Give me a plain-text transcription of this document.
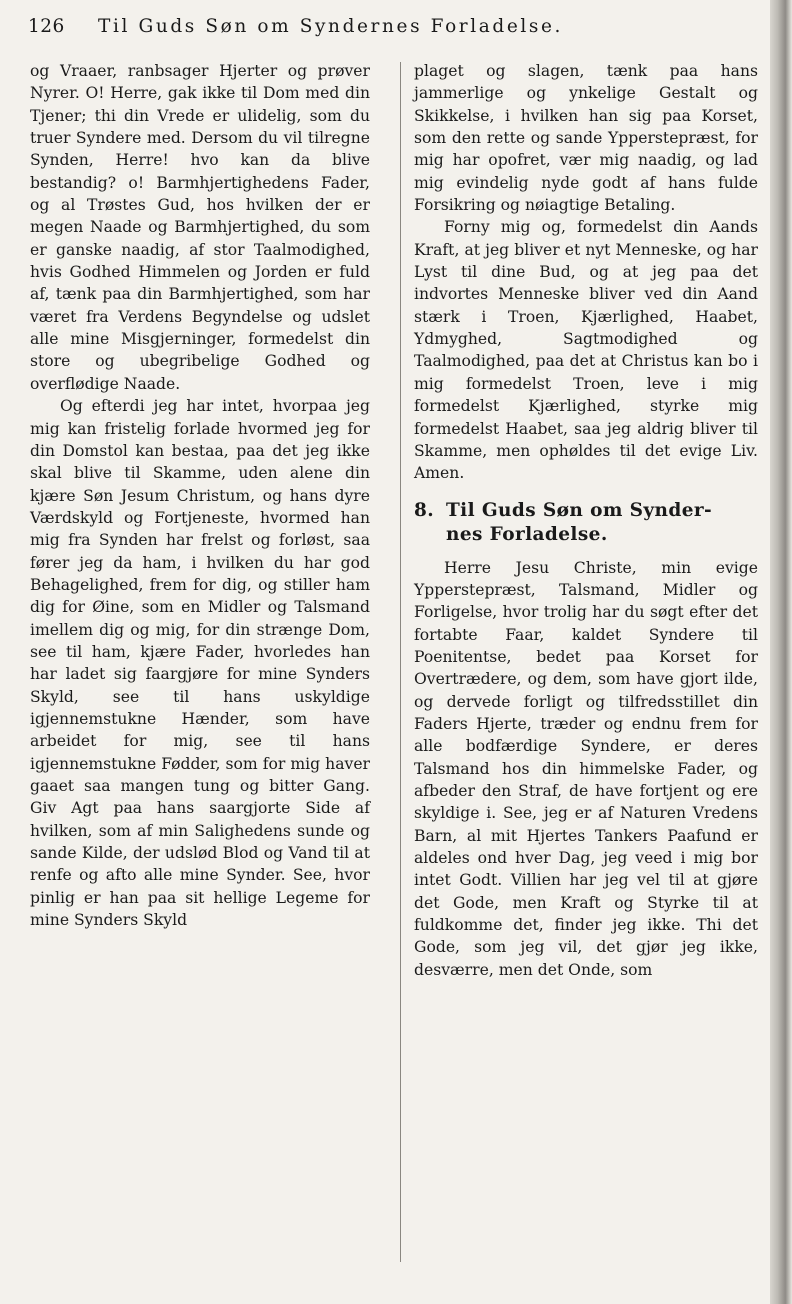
126 Til Guds Søn om Syndernes Forladelse.

og Vraaer, ranbsager Hjerter og prøver Nyrer. O! Herre, gak ikke til Dom med din Tjener; thi din Vrede er ulidelig, som du truer Syndere med. Dersom du vil tilregne Synden, Herre! hvo kan da blive bestandig? o! Barmhjertighedens Fader, og al Trøstes Gud, hos hvilken der er megen Naade og Barmhjertighed, du som er ganske naadig, af stor Taalmodighed, hvis Godhed Himmelen og Jorden er fuld af, tænk paa din Barmhjertighed, som har været fra Verdens Begyndelse og udslet alle mine Misgjerninger, formedelst din store og ubegribelige Godhed og overflødige Naade.

Og efterdi jeg har intet, hvorpaa jeg mig kan fristelig forlade hvormed jeg for din Domstol kan bestaa, paa det jeg ikke skal blive til Skamme, uden alene din kjære Søn Jesum Christum, og hans dyre Værdskyld og Fortjeneste, hvormed han mig fra Synden har frelst og forløst, saa fører jeg da ham, i hvilken du har god Behagelighed, frem for dig, og stiller ham dig for Øine, som en Midler og Talsmand imellem dig og mig, for din strænge Dom, see til ham, kjære Fader, hvorledes han har ladet sig faargjøre for mine Synders Skyld, see til hans uskyldige igjennemstukne Hænder, som have arbeidet for mig, see til hans igjennemstukne Fødder, som for mig haver gaaet saa mangen tung og bitter Gang. Giv Agt paa hans saargjorte Side af hvilken, som af min Salighedens sunde og sande Kilde, der udslød Blod og Vand til at renfe og afto alle mine Synder. See, hvor pinlig er han paa sit hellige Legeme for mine Synders Skyld

plaget og slagen, tænk paa hans jammerlige og ynkelige Gestalt og Skikkelse, i hvilken han sig paa Korset, som den rette og sande Ypperstepræst, for mig har opofret, vær mig naadig, og lad mig evindelig nyde godt af hans fulde Forsikring og nøiagtige Betaling.

Forny mig og, formedelst din Aands Kraft, at jeg bliver et nyt Menneske, og har Lyst til dine Bud, og at jeg paa det indvortes Menneske bliver ved din Aand stærk i Troen, Kjærlighed, Haabet, Ydmyghed, Sagtmodighed og Taalmodighed, paa det at Christus kan bo i mig formedelst Troen, leve i mig formedelst Kjærlighed, styrke mig formedelst Haabet, saa jeg aldrig bliver til Skamme, men ophøldes til det evige Liv. Amen.

8. Til Guds Søn om Synder-
nes Forladelse.

Herre Jesu Christe, min evige Ypperstepræst, Talsmand, Midler og Forligelse, hvor trolig har du søgt efter det fortabte Faar, kaldet Syndere til Poenitentse, bedet paa Korset for Overtrædere, og dem, som have gjort ilde, og dervede forligt og tilfredsstillet din Faders Hjerte, træder og endnu frem for alle bodfærdige Syndere, er deres Talsmand hos din himmelske Fader, og afbeder den Straf, de have fortjent og ere skyldige i. See, jeg er af Naturen Vredens Barn, al mit Hjertes Tankers Paafund er aldeles ond hver Dag, jeg veed i mig bor intet Godt. Villien har jeg vel til at gjøre det Gode, men Kraft og Styrke til at fuldkomme det, finder jeg ikke. Thi det Gode, som jeg vil, det gjør jeg ikke, desværre, men det Onde, som
